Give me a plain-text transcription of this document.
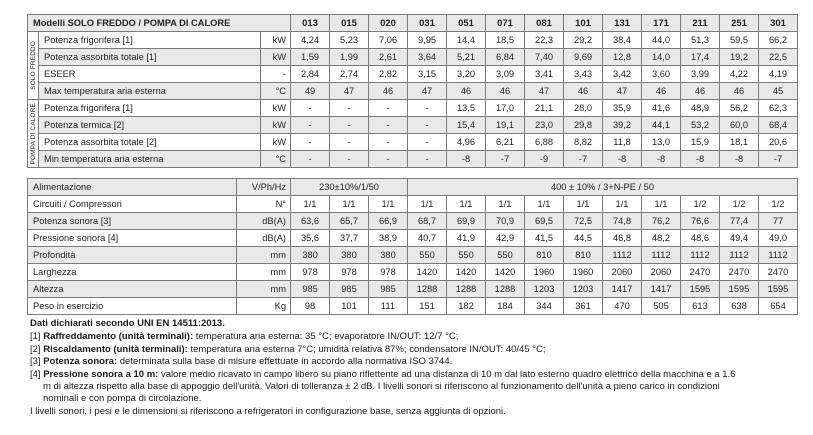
Modelli SOLO FREDDO / POMPA DI CALORE			013	015	020	031	051	071	081	101	131	171	211	251	301

SOLO FREDDO	Potenza frigorifera [1]	kW	4,24	5,23	7,06	9,95	14,4	18,5	22,3	29,2	38,4	44,0	51,3	59,5	66,2
	Potenza assorbita totale [1]	kW	1,59	1,99	2,61	3,64	5,21	6,84	7,40	9,69	12,8	14,0	17,4	19,2	22,5
	ESEER	-	2,84	2,74	2,82	3,15	3,20	3,09	3,41	3,43	3,42	3,60	3,99	4,22	4,19
	Max temperatura aria esterna	°C	49	47	46	47	46	46	47	46	47	46	46	46	45

POMPA DI CALORE	Potenza frigorifera [1]	kW	-	-	-	-	13,5	17,0	21,1	28,0	35,9	41,6	48,9	56,2	62,3
	Potenza termica [2]	kW	-	-	-	-	15,4	19,1	23,0	29,8	39,2	44,1	53,2	60,0	68,4
	Potenza assorbita totale [2]	kW	-	-	-	-	4,96	6,21	6,88	8,82	11,8	13,0	15,9	18,1	20,6
	Min temperatura aria esterna	°C	-	-	-	-	-8	-7	-9	-7	-8	-8	-8	-8	-7
Alimentazione	V/Ph/Hz	230±10%/1/50			400 ± 10% / 3+N-PE / 50									
Circuiti / Compressori	N°	1/1	1/1	1/1	1/1	1/1	1/1	1/1	1/1	1/1	1/1	1/2	1/2	1/2
Potenza sonora [3]	dB(A)	63,6	65,7	66,9	68,7	69,9	70,9	69,5	72,5	74,8	76,2	76,6	77,4	77
Pressione sonora [4]	dB(A)	35,6	37,7	38,9	40,7	41,9	42,9	41,5	44,5	46,8	48,2	48,6	49,4	49,0
Profondità	mm	380	380	380	550	550	550	810	810	1112	1112	1112	1112	1112
Larghezza	mm	978	978	978	1420	1420	1420	1960	1960	2060	2060	2470	2470	2470
Altezza	mm	985	985	985	1288	1288	1288	1203	1203	1417	1417	1595	1595	1595
Peso in esercizio	Kg	98	101	111	151	182	184	344	361	470	505	613	638	654
Dati dichiarati secondo UNI EN 14511:2013.
[1] Raffreddamento (unità terminali): temperatura aria esterna: 35 °C; evaporatore IN/OUT: 12/7 °C;
[2] Riscaldamento (unità terminali): temperatura aria esterna 7°C; umidità relativa 87%; condensatore IN/OUT: 40/45 °C;
[3] Potenza sonora: determinata sulla base di misure effettuate in accordo alla normativa ISO 3744.
[4] Pressione sonora a 10 m: valore medio ricavato in campo libero su piano riflettente ad una distanza di 10 m dal lato esterno quadro elettrico della macchina e a 1.6
m di altezza rispetto alla base di appoggio dell'unità. Valori di tolleranza ± 2 dB. I livelli sonori si riferiscono al funzionamento dell'unità a pieno carico in condizioni
nominali e con pompa di circolazione.
I livelli sonori, i pesi e le dimensioni si riferiscono a refrigeratori in configurazione base, senza aggiunta di opzioni.
